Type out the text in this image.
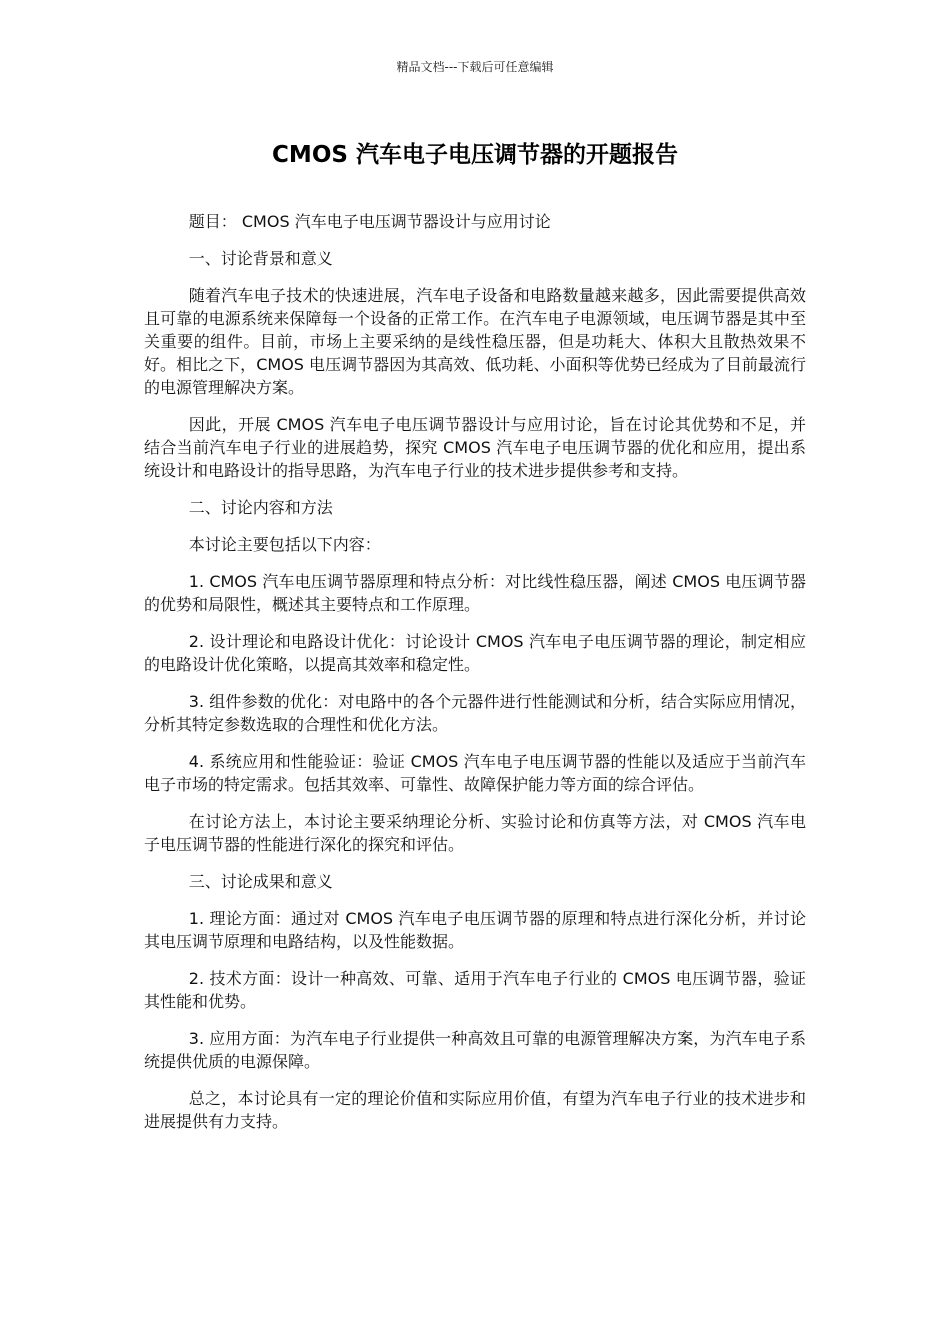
精品文档---下载后可任意编辑
CMOS 汽车电子电压调节器的开题报告

题目： CMOS 汽车电子电压调节器设计与应用讨论

一、讨论背景和意义

随着汽车电子技术的快速进展，汽车电子设备和电路数量越来越多，因此需要提供高效且可靠的电源系统来保障每一个设备的正常工作。在汽车电子电源领域，电压调节器是其中至关重要的组件。目前，市场上主要采纳的是线性稳压器，但是功耗大、体积大且散热效果不好。相比之下，CMOS 电压调节器因为其高效、低功耗、小面积等优势已经成为了目前最流行的电源管理解决方案。

因此，开展 CMOS 汽车电子电压调节器设计与应用讨论，旨在讨论其优势和不足，并结合当前汽车电子行业的进展趋势，探究 CMOS 汽车电子电压调节器的优化和应用，提出系统设计和电路设计的指导思路，为汽车电子行业的技术进步提供参考和支持。

二、讨论内容和方法

本讨论主要包括以下内容：

1. CMOS 汽车电压调节器原理和特点分析：对比线性稳压器，阐述 CMOS 电压调节器的优势和局限性，概述其主要特点和工作原理。

2. 设计理论和电路设计优化：讨论设计 CMOS 汽车电子电压调节器的理论，制定相应的电路设计优化策略，以提高其效率和稳定性。

3. 组件参数的优化：对电路中的各个元器件进行性能测试和分析，结合实际应用情况，分析其特定参数选取的合理性和优化方法。

4. 系统应用和性能验证：验证 CMOS 汽车电子电压调节器的性能以及适应于当前汽车电子市场的特定需求。包括其效率、可靠性、故障保护能力等方面的综合评估。

在讨论方法上，本讨论主要采纳理论分析、实验讨论和仿真等方法，对 CMOS 汽车电子电压调节器的性能进行深化的探究和评估。

三、讨论成果和意义

1. 理论方面：通过对 CMOS 汽车电子电压调节器的原理和特点进行深化分析，并讨论其电压调节原理和电路结构，以及性能数据。

2. 技术方面：设计一种高效、可靠、适用于汽车电子行业的 CMOS 电压调节器，验证其性能和优势。

3. 应用方面：为汽车电子行业提供一种高效且可靠的电源管理解决方案，为汽车电子系统提供优质的电源保障。

总之，本讨论具有一定的理论价值和实际应用价值，有望为汽车电子行业的技术进步和进展提供有力支持。
